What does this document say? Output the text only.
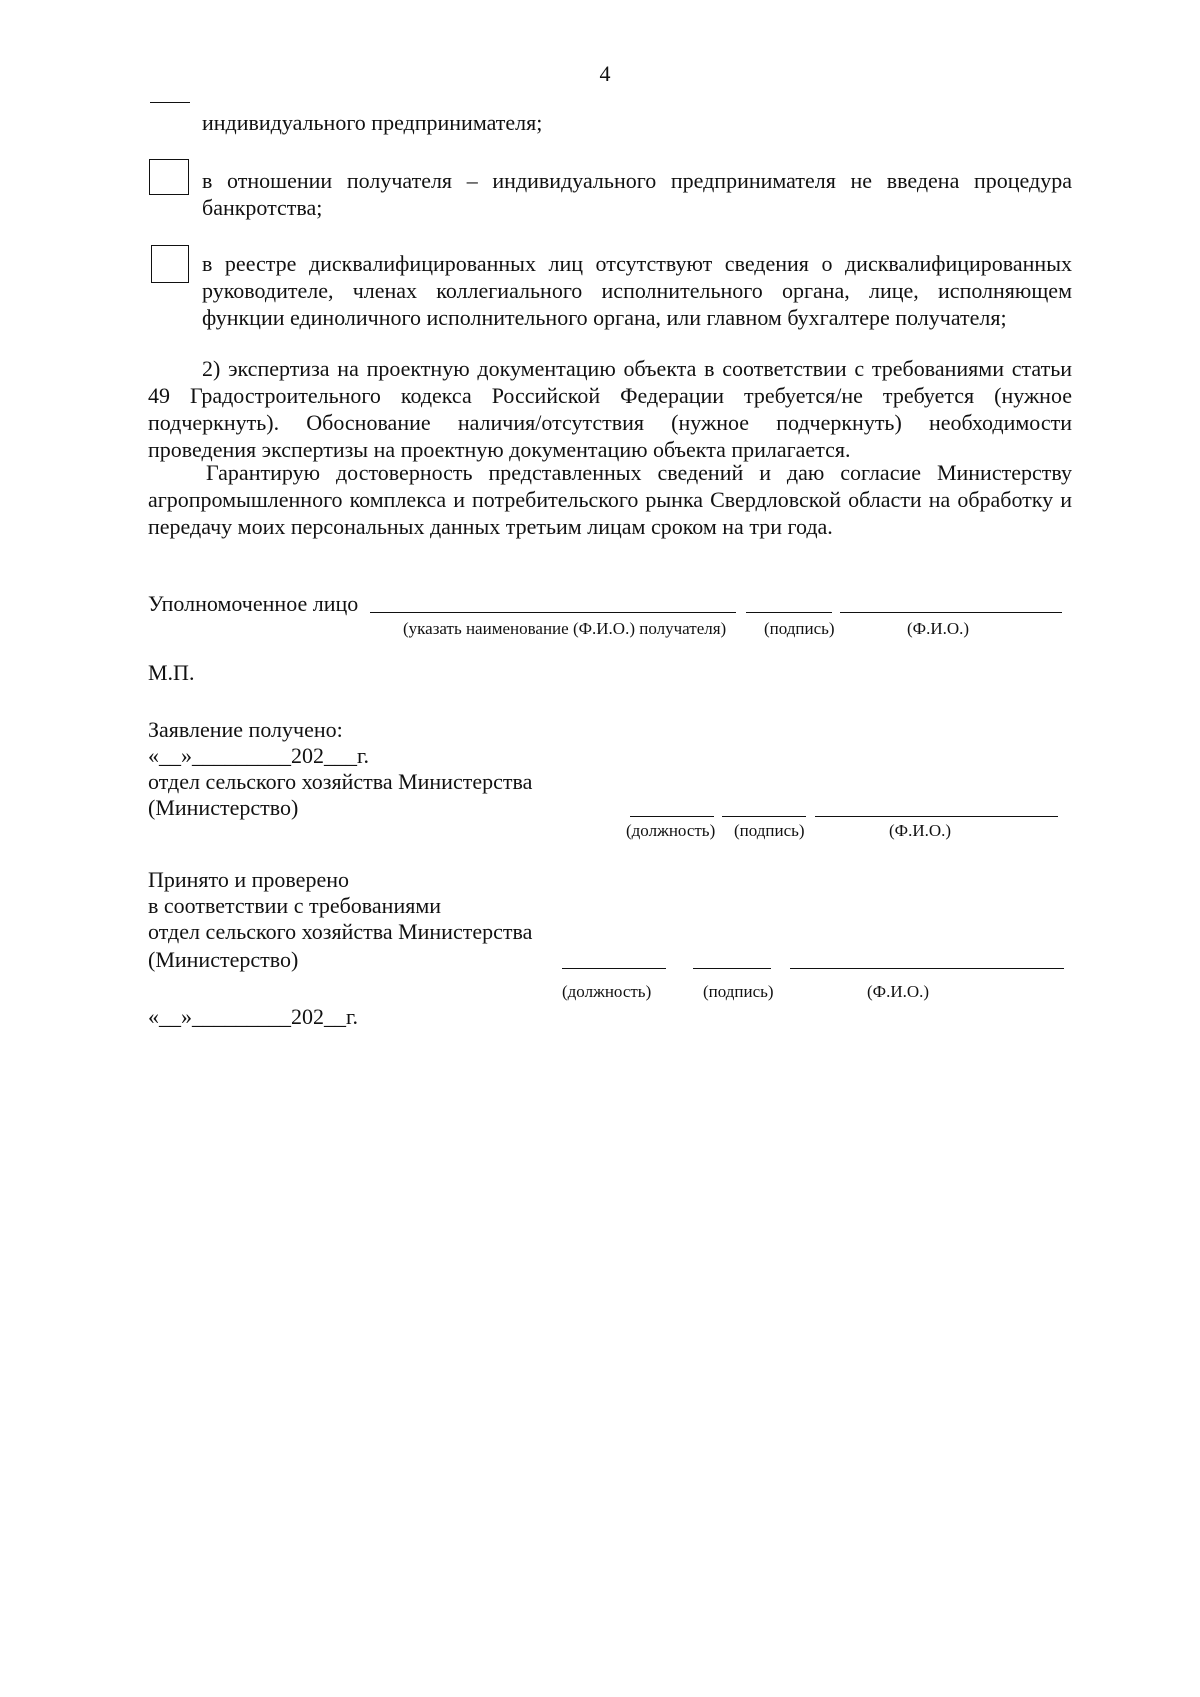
4
индивидуального предпринимателя;
в отношении получателя – индивидуального предпринимателя не введена процедура банкротства;
в реестре дисквалифицированных лиц отсутствуют сведения о дисквалифицированных руководителе, членах коллегиального исполнительного органа, лице, исполняющем функции единоличного исполнительного органа, или главном бухгалтере получателя;
2) экспертиза на проектную документацию объекта в соответствии с требованиями статьи 49 Градостроительного кодекса Российской Федерации требуется/не требуется (нужное подчеркнуть). Обоснование наличия/отсутствия (нужное подчеркнуть) необходимости проведения экспертизы на проектную документацию объекта прилагается.
Гарантирую достоверность представленных сведений и даю согласие Министерству агропромышленного комплекса и потребительского рынка Свердловской области на обработку и передачу моих персональных данных третьим лицам сроком на три года.
Уполномоченное лицо
(указать наименование (Ф.И.О.) получателя) (подпись)	(Ф.И.О.)
М.П.
Заявление получено:
«__»_________202___г.
отдел сельского хозяйства Министерства
(Министерство)
(должность) (подпись)	(Ф.И.О.)
Принято и проверено
в соответствии с требованиями
отдел сельского хозяйства Министерства
(Министерство)
(должность)	(подпись)	(Ф.И.О.)
«__»_________202__г.
